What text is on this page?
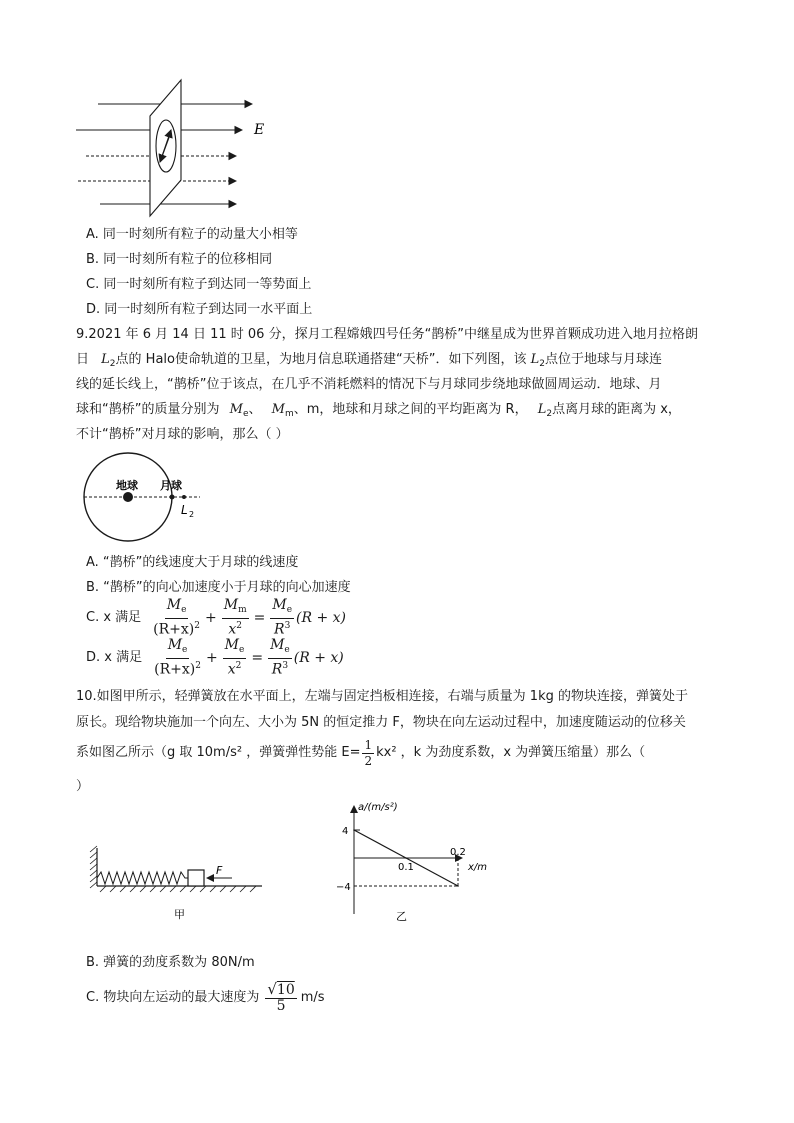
E
A. 同一时刻所有粒子的动量大小相等
B. 同一时刻所有粒子的位移相同
C. 同一时刻所有粒子到达同一等势面上
D. 同一时刻所有粒子到达同一水平面上
9.2021 年 6 月 14 日 11 时 06 分，探月工程嫦娥四号任务“鹊桥”中继星成为世界首颗成功进入地月拉格朗
日 $L_2$点的 Halo使命轨道的卫星，为地月信息联通搭建“天桥”．如下列图，该 $L_2$点位于地球与月球连
线的延长线上，“鹊桥”位于该点，在几乎不消耗燃料的情况下与月球同步绕地球做圆周运动．地球、月
球和“鹊桥”的质量分别为 $M_e$、 $M_m$、m，地球和月球之间的平均距离为 R， $L_2$点离月球的距离为 x，
不计“鹊桥”对月球的影响，那么（ ）
地球 月球
L 2
A. “鹊桥”的线速度大于月球的线速度
B. “鹊桥”的向心加速度小于月球的向心加速度
C. x 满足 $\frac{M_e}{(R+x)^2} + \frac{M_m}{x^2} = \frac{M_e}{R^3} (R + x)$
D. x 满足 $\frac{M_e}{(R+x)^2} + \frac{M_e}{x^2} = \frac{M_e}{R^3} (R + x)$
10.如图甲所示，轻弹簧放在水平面上，左端与固定挡板相连接，右端与质量为 1kg 的物块连接，弹簧处于
原长。现给物块施加一个向左、大小为 5N 的恒定推力 F，物块在向左运动过程中，加速度随运动的位移关
系如图乙所示（g 取 10m/s² ，弹簧弹性势能 $E= \frac{1}{2} kx^2$ ，k 为劲度系数，x 为弹簧压缩量）那么（
）
F
甲
a/(m/s²)
4
−4
0.1
0.2
x/m
乙
B. 弹簧的劲度系数为 80N/m
C. 物块向左运动的最大速度为 $\frac{√10}{5} m/s$
